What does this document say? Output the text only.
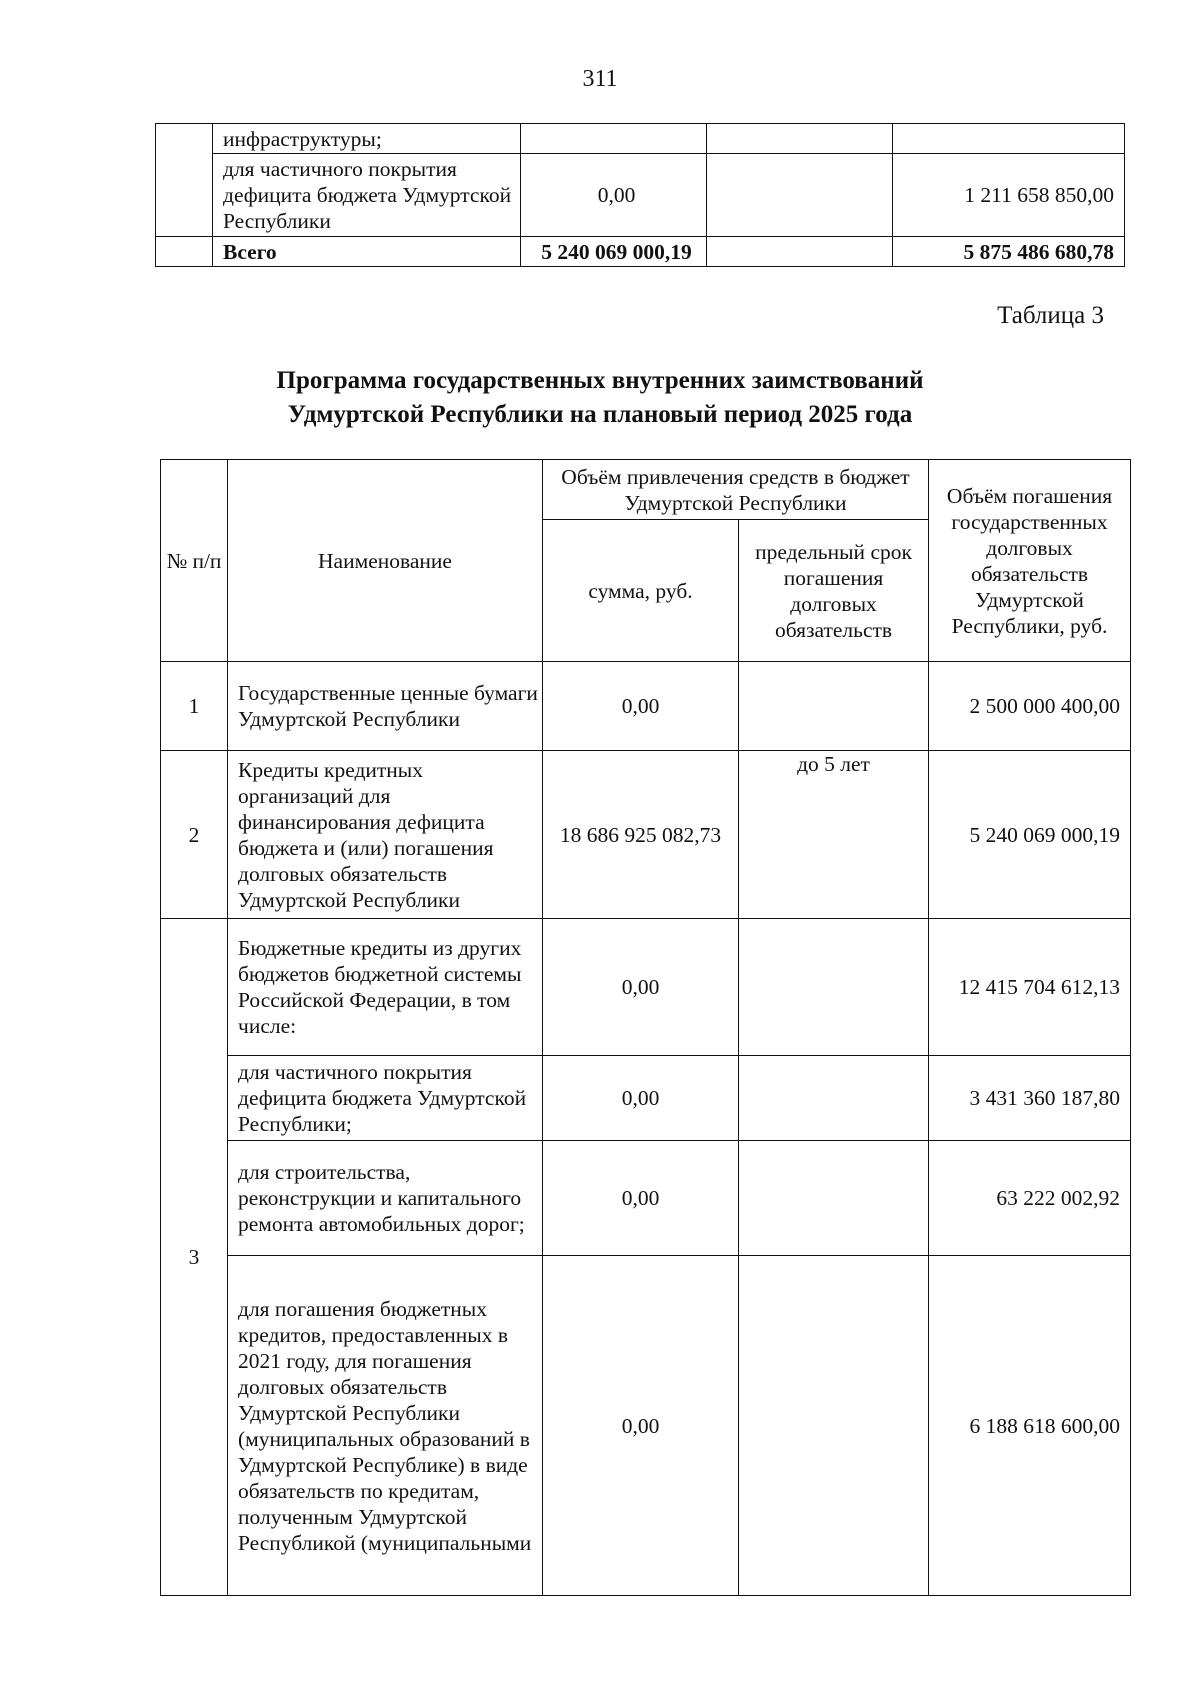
311
	инфраструктуры;			
	для частичного покрытия дефицита бюджета Удмуртской Республики	0,00		1 211 658 850,00
	Всего	5 240 069 000,19		5 875 486 680,78
Таблица 3
Программа государственных внутренних заимствований
Удмуртской Республики на плановый период 2025 года
№ п/п	Наименование	Объём привлечения средств в бюджет Удмуртской Республики		Объём погашения государственных долговых обязательств Удмуртской Республики, руб.
		сумма, руб.	предельный срок погашения долговых обязательств	
1	Государственные ценные бумаги Удмуртской Республики	0,00		2 500 000 400,00
2	Кредиты кредитных организаций для финансирования дефицита бюджета и (или) погашения долговых обязательств Удмуртской Республики	18 686 925 082,73	до 5 лет	5 240 069 000,19
3	Бюджетные кредиты из других бюджетов бюджетной системы Российской Федерации, в том числе:	0,00		12 415 704 612,13
	для частичного покрытия дефицита бюджета Удмуртской Республики;	0,00		3 431 360 187,80
	для строительства, реконструкции и капитального ремонта автомобильных дорог;	0,00		63 222 002,92
	для погашения бюджетных кредитов, предоставленных в 2021 году, для погашения долговых обязательств Удмуртской Республики (муниципальных образований в Удмуртской Республике) в виде обязательств по кредитам, полученным Удмуртской Республикой (муниципальными	0,00		6 188 618 600,00
